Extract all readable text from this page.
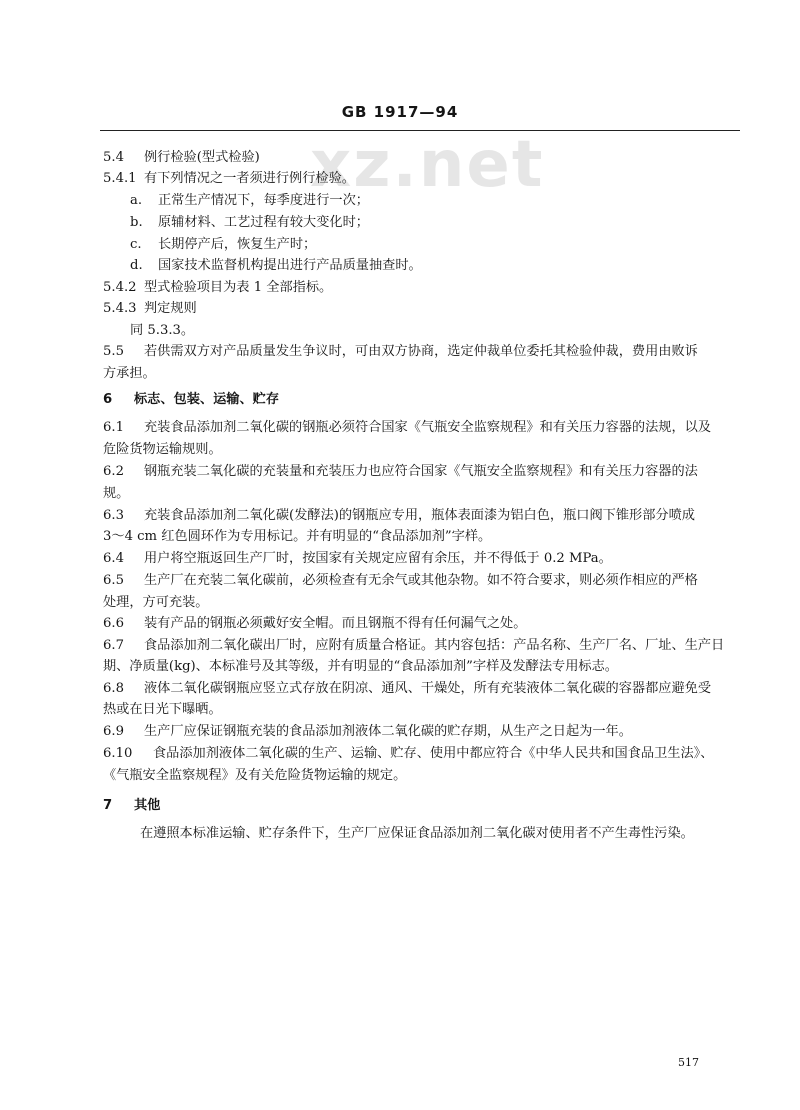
GB 1917—94
xz.net
5.4 例行检验(型式检验)
5.4.1 有下列情况之一者须进行例行检验。
a. 正常生产情况下，每季度进行一次；
b. 原辅材料、工艺过程有较大变化时；
c. 长期停产后，恢复生产时；
d. 国家技术监督机构提出进行产品质量抽查时。
5.4.2 型式检验项目为表 1 全部指标。
5.4.3 判定规则
同 5.3.3。
5.5 若供需双方对产品质量发生争议时，可由双方协商，选定仲裁单位委托其检验仲裁，费用由败诉
方承担。
6 标志、包装、运输、贮存
6.1 充装食品添加剂二氧化碳的钢瓶必须符合国家《气瓶安全监察规程》和有关压力容器的法规，以及
危险货物运输规则。
6.2 钢瓶充装二氧化碳的充装量和充装压力也应符合国家《气瓶安全监察规程》和有关压力容器的法
规。
6.3 充装食品添加剂二氧化碳(发酵法)的钢瓶应专用，瓶体表面漆为铝白色，瓶口阀下锥形部分喷成
3～4 cm 红色圆环作为专用标记。并有明显的“食品添加剂”字样。
6.4 用户将空瓶返回生产厂时，按国家有关规定应留有余压，并不得低于 0.2 MPa。
6.5 生产厂在充装二氧化碳前，必须检查有无余气或其他杂物。如不符合要求，则必须作相应的严格
处理，方可充装。
6.6 装有产品的钢瓶必须戴好安全帽。而且钢瓶不得有任何漏气之处。
6.7 食品添加剂二氧化碳出厂时，应附有质量合格证。其内容包括：产品名称、生产厂名、厂址、生产日
期、净质量(kg)、本标准号及其等级，并有明显的“食品添加剂”字样及发酵法专用标志。
6.8 液体二氧化碳钢瓶应竖立式存放在阴凉、通风、干燥处，所有充装液体二氧化碳的容器都应避免受
热或在日光下曝晒。
6.9 生产厂应保证钢瓶充装的食品添加剂液体二氧化碳的贮存期，从生产之日起为一年。
6.10 食品添加剂液体二氧化碳的生产、运输、贮存、使用中都应符合《中华人民共和国食品卫生法》、
《气瓶安全监察规程》及有关危险货物运输的规定。
7 其他
在遵照本标准运输、贮存条件下，生产厂应保证食品添加剂二氧化碳对使用者不产生毒性污染。
517
